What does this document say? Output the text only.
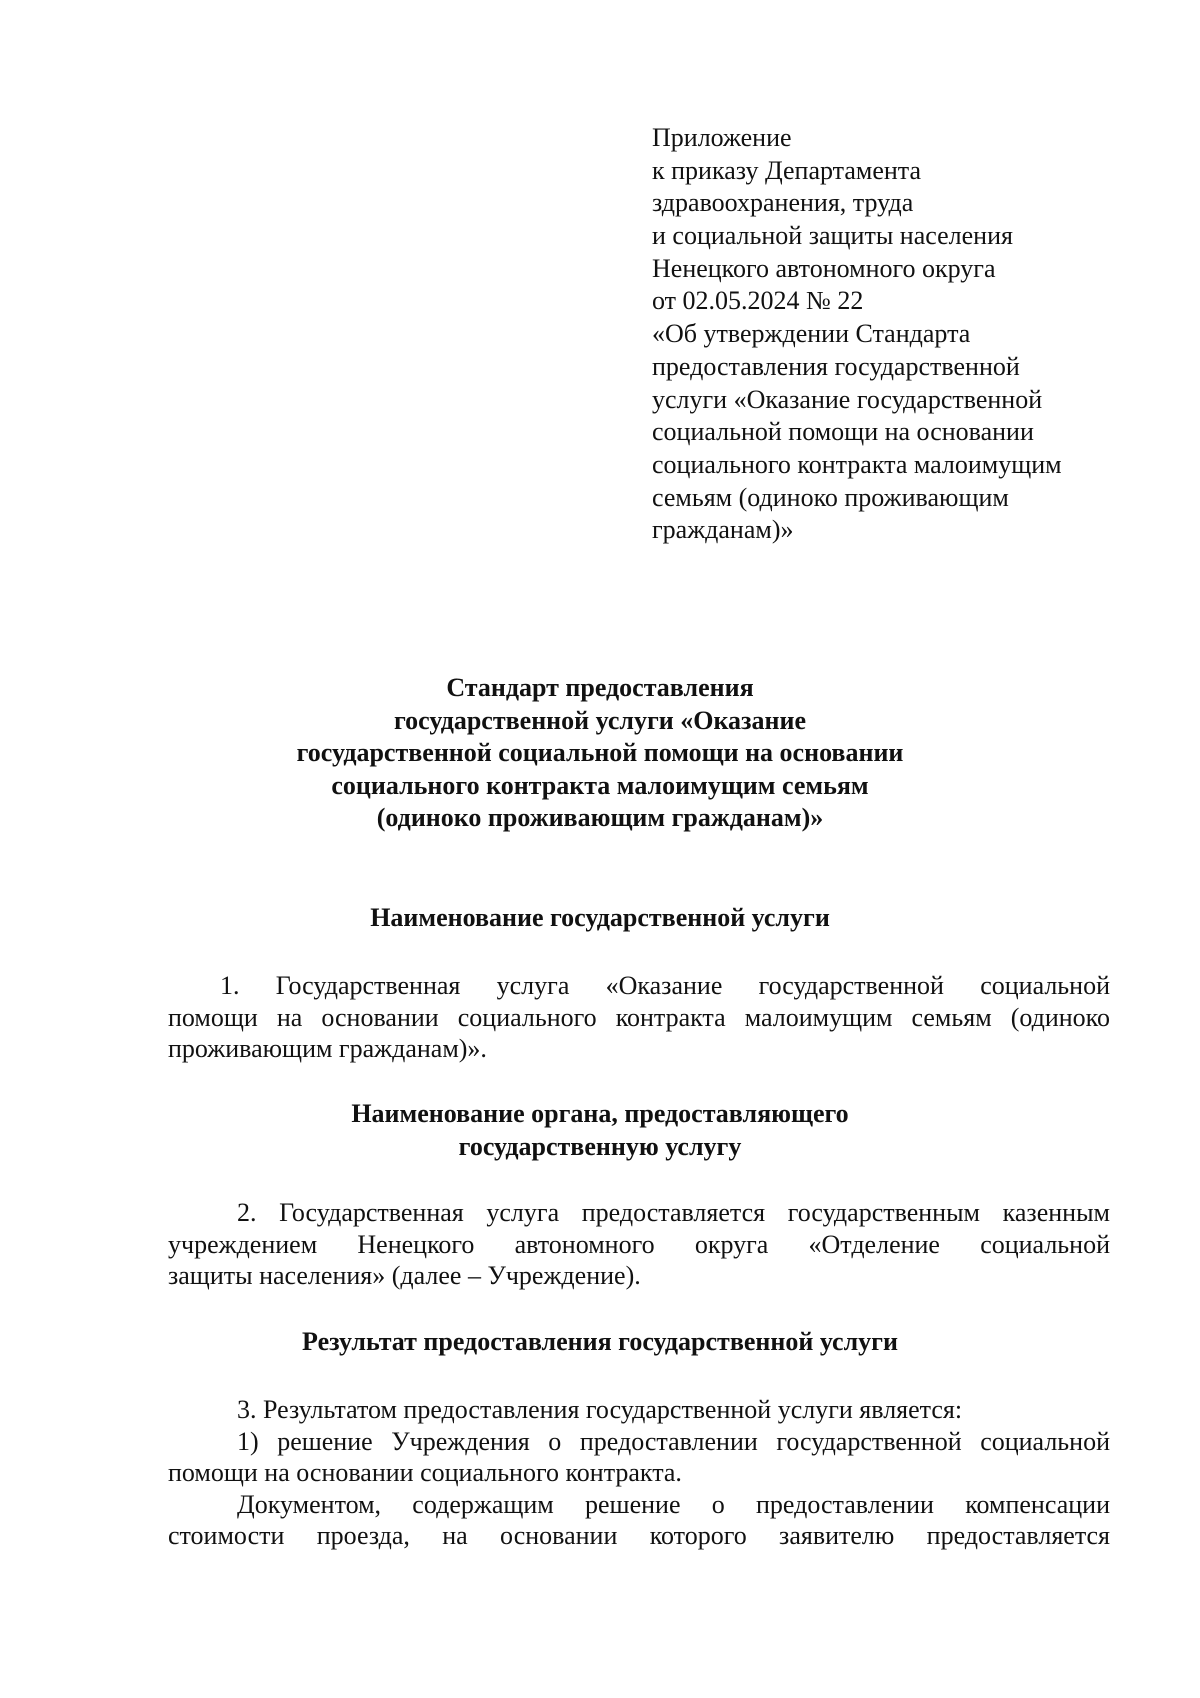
Приложение
к приказу Департамента
здравоохранения, труда
и социальной защиты населения
Ненецкого автономного округа
от 02.05.2024 № 22
«Об утверждении Стандарта
предоставления государственной
услуги «Оказание государственной
социальной помощи на основании
социального контракта малоимущим
семьям (одиноко проживающим
гражданам)»
Стандарт предоставления
государственной услуги «Оказание
государственной социальной помощи на основании
социального контракта малоимущим семьям
(одиноко проживающим гражданам)»
Наименование государственной услуги
1. Государственная услуга «Оказание государственной социальной
помощи на основании социального контракта малоимущим семьям (одиноко
проживающим гражданам)».
Наименование органа, предоставляющего
государственную услугу
2. Государственная услуга предоставляется государственным казенным
учреждением Ненецкого автономного округа «Отделение социальной
защиты населения» (далее – Учреждение).
Результат предоставления государственной услуги
3. Результатом предоставления государственной услуги является:
1) решение Учреждения о предоставлении государственной социальной
помощи на основании социального контракта.
Документом, содержащим решение о предоставлении компенсации
стоимости проезда, на основании которого заявителю предоставляется
